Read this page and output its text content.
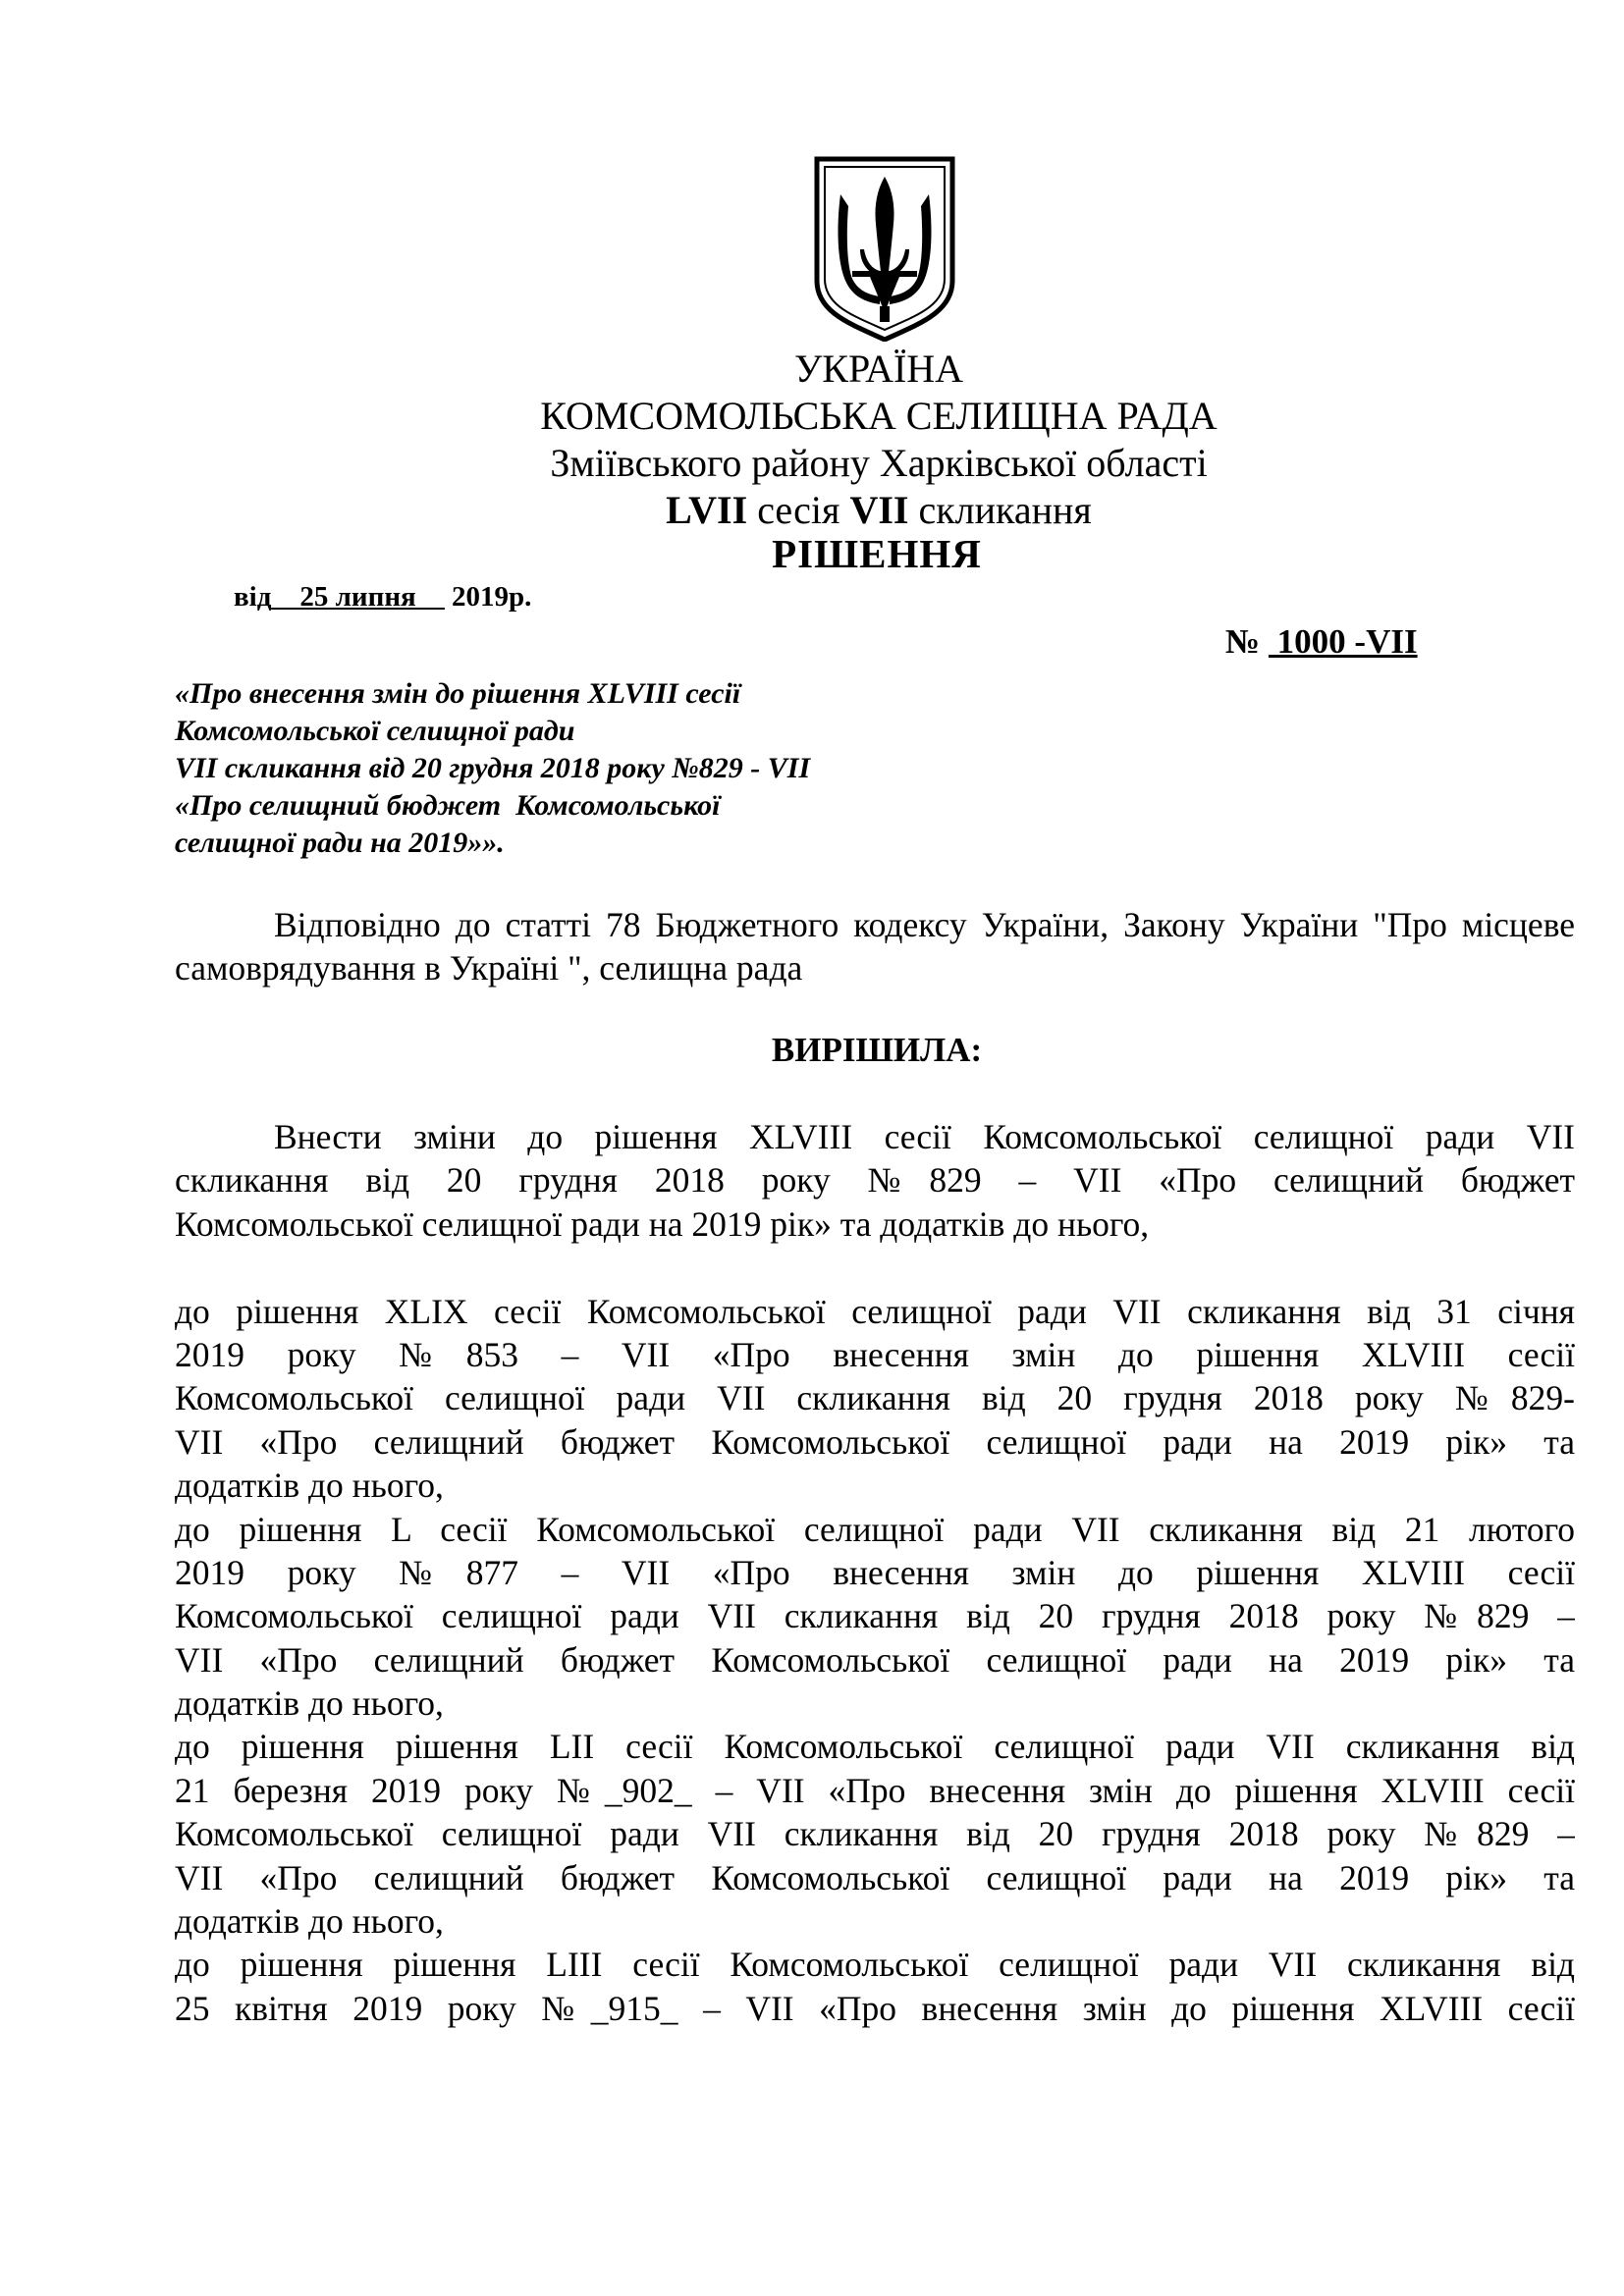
УКРАЇНА
КОМСОМОЛЬСЬКА СЕЛИЩНА РАДА
Зміївського району Харківської області
LVII сесія VII скликання
РІШЕННЯ
від__25 липня__ 2019р.
№  1000 -VII
«Про внесення змін до рішення XLVIII сесії
Комсомольської селищної ради
VII скликання від 20 грудня 2018 року №829 - VII
«Про селищний бюджет  Комсомольської
селищної ради на 2019»».
Відповідно до статті 78 Бюджетного кодексу України, Закону України "Про місцеве самоврядування в Україні ", селищна рада
ВИРІШИЛА:
Внести зміни до рішення XLVIII сесії Комсомольської селищної ради VII
скликання від 20 грудня 2018 року №829 – VII «Про селищний бюджет
Комсомольської селищної ради на 2019 рік» та додатків до нього,
до рішення XLIX сесії Комсомольської селищної ради VII скликання від 31 січня
2019 року №853 – VII «Про внесення змін до рішення XLVIII сесії
Комсомольської селищної ради VII скликання від 20 грудня 2018 року №829-
VII «Про селищний бюджет Комсомольської селищної ради на 2019 рік» та
додатків до нього,
до рішення L сесії Комсомольської селищної ради VII скликання від 21 лютого
2019 року №877 – VII «Про внесення змін до рішення XLVIII сесії
Комсомольської селищної ради VII скликання від 20 грудня 2018 року №829 –
VII «Про селищний бюджет Комсомольської селищної ради на 2019 рік» та
додатків до нього,
до рішення рішення LII сесії Комсомольської селищної ради VII скликання від
21 березня 2019 року №_902_ – VII «Про внесення змін до рішення XLVIII сесії
Комсомольської селищної ради VII скликання від 20 грудня 2018 року №829 –
VII «Про селищний бюджет Комсомольської селищної ради на 2019 рік» та
додатків до нього,
до рішення рішення LIII сесії Комсомольської селищної ради VII скликання від
25 квітня 2019 року №_915_ – VII «Про внесення змін до рішення XLVIII сесії
